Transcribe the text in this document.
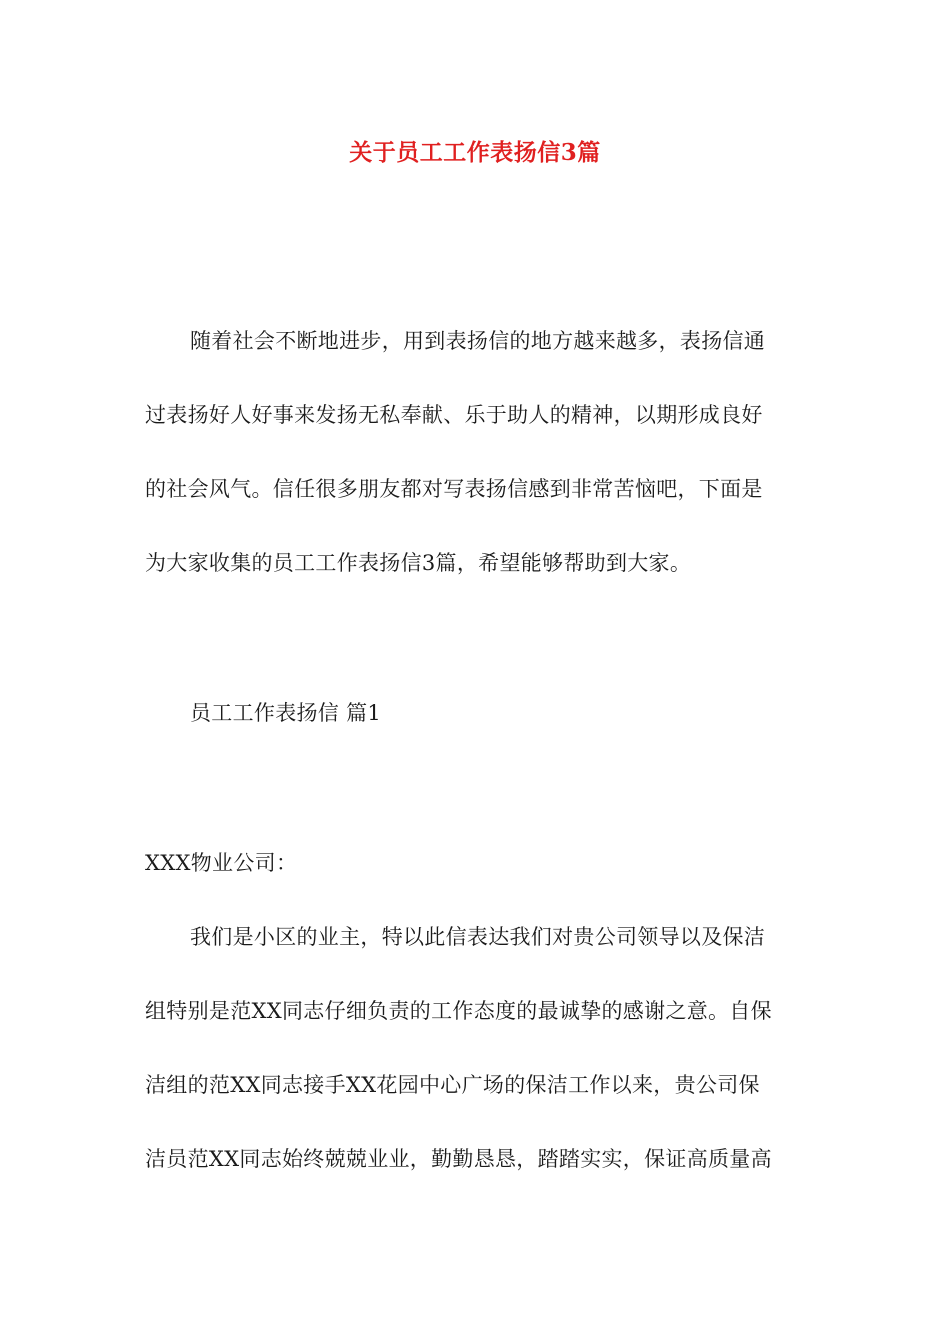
关于员工工作表扬信3篇
随着社会不断地进步，用到表扬信的地方越来越多，表扬信通
过表扬好人好事来发扬无私奉献、乐于助人的精神，以期形成良好
的社会风气。信任很多朋友都对写表扬信感到非常苦恼吧，下面是
为大家收集的员工工作表扬信3篇，希望能够帮助到大家。
员工工作表扬信 篇1
XXX物业公司：
我们是小区的业主，特以此信表达我们对贵公司领导以及保洁
组特别是范XX同志仔细负责的工作态度的最诚挚的感谢之意。自保
洁组的范XX同志接手XX花园中心广场的保洁工作以来，贵公司保
洁员范XX同志始终兢兢业业，勤勤恳恳，踏踏实实，保证高质量高
